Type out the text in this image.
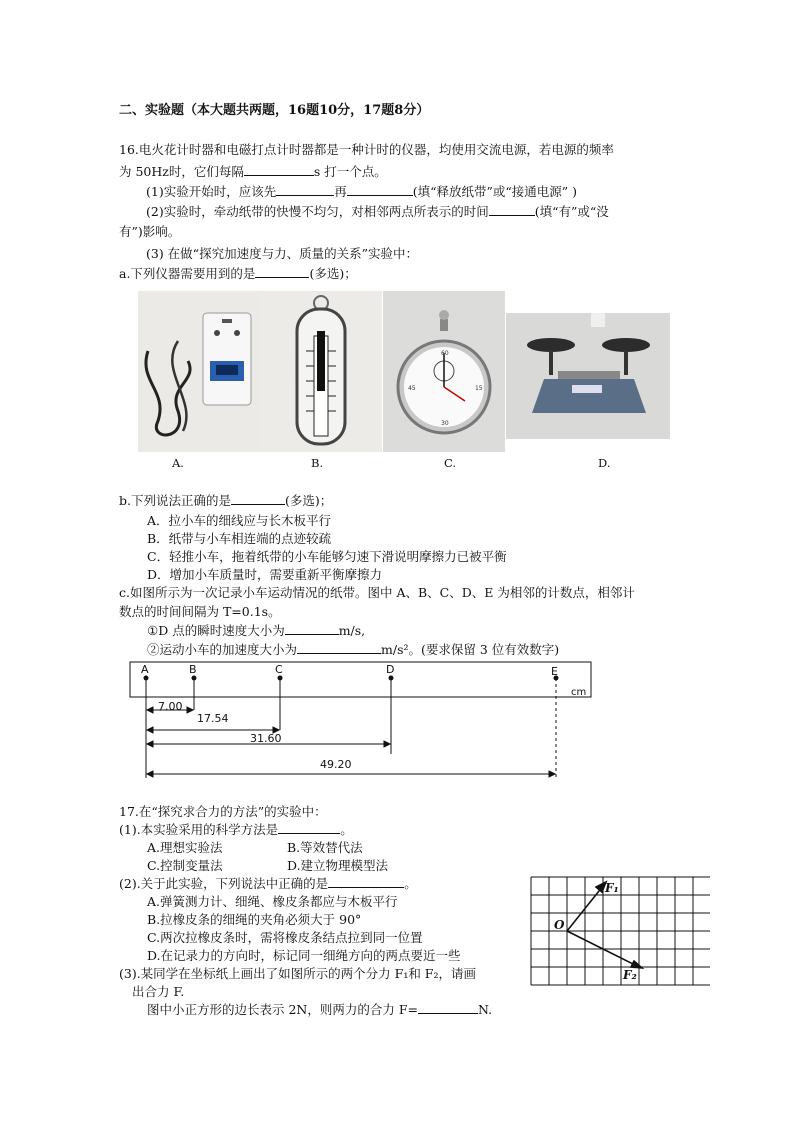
二、实验题（本大题共两题，16题10分，17题8分）
16.电火花计时器和电磁打点计时器都是一种计时的仪器，均使用交流电源，若电源的频率
为 50Hz时，它们每隔	s 打一个点。
(1)实验开始时，应该先	再	(填“释放纸带”或“接通电源” )
(2)实验时，牵动纸带的快慢不均匀，对相邻两点所表示的时间	(填“有”或“没
有”)影响。
(3) 在做“探究加速度与力、质量的关系”实验中：
a.下列仪器需要用到的是	(多选)；
60
15
30
45
A.	B.	C.	D.
b.下列说法正确的是	(多选)；
A．拉小车的细线应与长木板平行
B．纸带与小车相连端的点迹较疏
C．轻推小车，拖着纸带的小车能够匀速下滑说明摩擦力已被平衡
D．增加小车质量时，需要重新平衡摩擦力
c.如图所示为一次记录小车运动情况的纸带。图中 A、B、C、D、E 为相邻的计数点，相邻计
数点的时间间隔为 T=0.1s。
①D 点的瞬时速度大小为	m/s,
②运动小车的加速度大小为	m/s²。(要求保留 3 位有效数字)
A	B	C	D	E
cm
7.00
17.54
31.60
49.20
17.在“探究求合力的方法”的实验中：
(1).本实验采用的科学方法是	。
A.理想实验法	B.等效替代法
C.控制变量法	D.建立物理模型法
(2).关于此实验，下列说法中正确的是	。
A.弹簧测力计、细绳、橡皮条都应与木板平行
B.拉橡皮条的细绳的夹角必须大于 90°
C.两次拉橡皮条时，需将橡皮条结点拉到同一位置
D.在记录力的方向时，标记同一细绳方向的两点要近一些
(3).某同学在坐标纸上画出了如图所示的两个分力 F₁和 F₂，请画
出合力 F.
图中小正方形的边长表示 2N，则两力的合力 F=	N.
O
F₁
F₂
